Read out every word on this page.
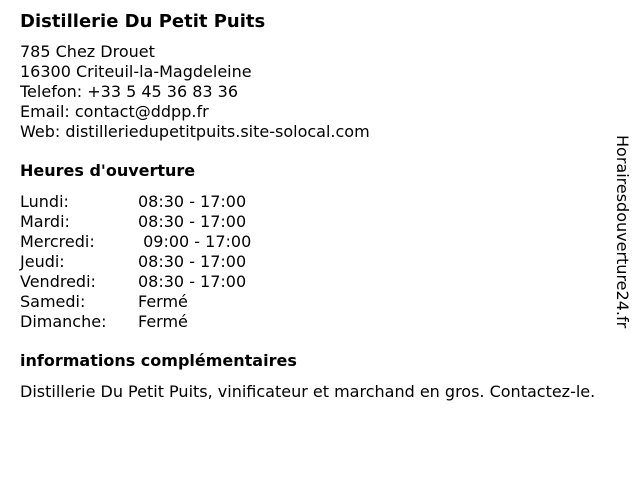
Distillerie Du Petit Puits
785 Chez Drouet
16300 Criteuil-la-Magdeleine
Telefon: +33 5 45 36 83 36
Email: contact@ddpp.fr
Web: distilleriedupetitpuits.site-solocal.com
Heures d'ouverture
Lundi:	08:30 - 17:00
Mardi:	08:30 - 17:00
Mercredi:	09:00 - 17:00
Jeudi:	08:30 - 17:00
Vendredi:	08:30 - 17:00
Samedi:	Fermé
Dimanche:	Fermé
informations complémentaires
Distillerie Du Petit Puits, vinificateur et marchand en gros. Contactez-le.
Horairesdouverture24.fr
